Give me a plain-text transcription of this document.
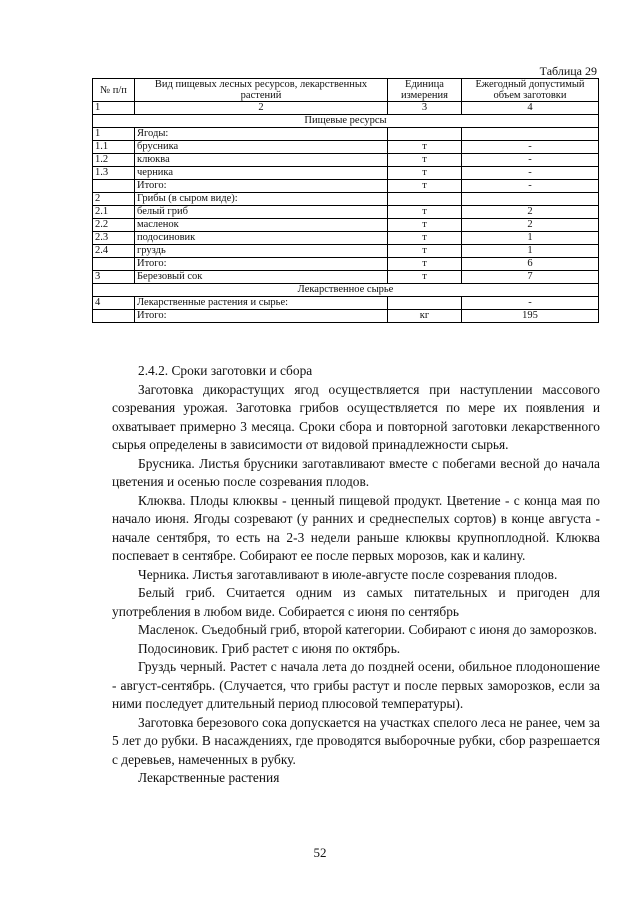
Таблица 29
№ п/п	Вид пищевых лесных ресурсов, лекарственных растений	Единица измерения	Ежегодный допустимый объем заготовки
1	2	3	4
Пищевые ресурсы			
1	Ягоды:		
1.1	брусника	т	-
1.2	клюква	т	-
1.3	черника	т	-
	Итого:	т	-
2	Грибы (в сыром виде):		
2.1	белый гриб	т	2
2.2	масленок	т	2
2.3	подосиновик	т	1
2.4	груздь	т	1
	Итого:	т	6
3	Березовый сок	т	7
Лекарственное сырье			
4	Лекарственные растения и сырье:		-
	Итого:	кг	195

2.4.2. Сроки заготовки и сбора

Заготовка дикорастущих ягод осуществляется при наступлении массового созревания урожая. Заготовка грибов осуществляется по мере их появления и охватывает примерно 3 месяца. Сроки сбора и повторной заготовки лекарственного сырья определены в зависимости от видовой принадлежности сырья.

Брусника. Листья брусники заготавливают вместе с побегами весной до начала цветения и осенью после созревания плодов.

Клюква. Плоды клюквы - ценный пищевой продукт. Цветение - с конца мая по начало июня. Ягоды созревают (у ранних и среднеспелых сортов) в конце августа - начале сентября, то есть на 2-3 недели раньше клюквы крупноплодной. Клюква поспевает в сентябре. Собирают ее после первых морозов, как и калину.

Черника. Листья заготавливают в июле-августе после созревания плодов.

Белый гриб. Считается одним из самых питательных и пригоден для употребления в любом виде. Собирается с июня по сентябрь

Масленок. Съедобный гриб, второй категории. Собирают с июня до заморозков.

Подосиновик. Гриб растет с июня по октябрь.

Груздь черный. Растет с начала лета до поздней осени, обильное плодоношение - август-сентябрь. (Случается, что грибы растут и после первых заморозков, если за ними последует длительный период плюсовой температуры).

Заготовка березового сока допускается на участках спелого леса не ранее, чем за 5 лет до рубки. В насаждениях, где проводятся выборочные рубки, сбор разрешается с деревьев, намеченных в рубку.

Лекарственные растения

52
